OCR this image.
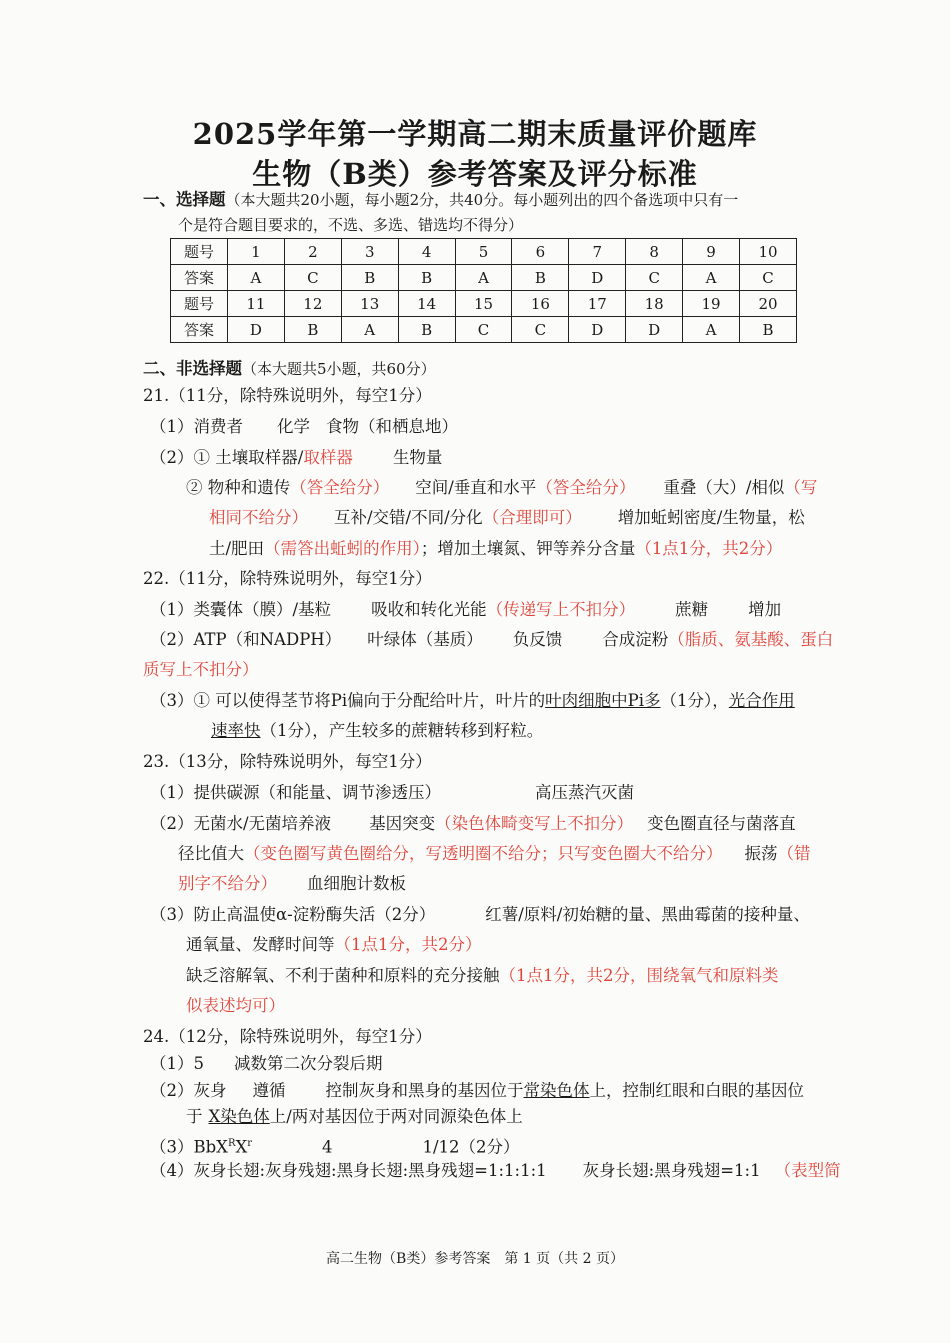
2025学年第一学期高二期末质量评价题库
生物（B类）参考答案及评分标准
一、选择题（本大题共20小题，每小题2分，共40分。每小题列出的四个备选项中只有一
个是符合题目要求的，不选、多选、错选均不得分）
题号	1	2	3	4	5	6	7	8	9	10
答案	A	C	B	B	A	B	D	C	A	C
题号	11	12	13	14	15	16	17	18	19	20
答案	D	B	A	B	C	C	D	D	A	B
二、非选择题（本大题共5小题，共60分）
21.（11分，除特殊说明外，每空1分）
（1）消费者 化学 食物（和栖息地）
（2）① 土壤取样器/取样器 生物量
② 物种和遗传（答全给分） 空间/垂直和水平（答全给分） 重叠（大）/相似（写
相同不给分） 互补/交错/不同/分化（合理即可） 增加蚯蚓密度/生物量，松
土/肥田（需答出蚯蚓的作用）；增加土壤氮、钾等养分含量（1点1分，共2分）
22.（11分，除特殊说明外，每空1分）
（1）类囊体（膜）/基粒 吸收和转化光能（传递写上不扣分） 蔗糖 增加
（2）ATP（和NADPH） 叶绿体（基质） 负反馈 合成淀粉（脂质、氨基酸、蛋白
质写上不扣分）
（3）① 可以使得茎节将Pi偏向于分配给叶片，叶片的叶肉细胞中Pi多（1分），光合作用
速率快（1分），产生较多的蔗糖转移到籽粒。
23.（13分，除特殊说明外，每空1分）
（1）提供碳源（和能量、调节渗透压）	高压蒸汽灭菌
（2）无菌水/无菌培养液 基因突变（染色体畸变写上不扣分） 变色圈直径与菌落直
径比值大（变色圈写黄色圈给分，写透明圈不给分；只写变色圈大不给分） 振荡（错
别字不给分） 血细胞计数板
（3）防止高温使α-淀粉酶失活（2分）	红薯/原料/初始糖的量、黑曲霉菌的接种量、
通氧量、发酵时间等（1点1分，共2分）
缺乏溶解氧、不利于菌种和原料的充分接触（1点1分，共2分，围绕氧气和原料类
似表述均可）
24.（12分，除特殊说明外，每空1分）
（1）5 减数第二次分裂后期
（2）灰身 遵循 控制灰身和黑身的基因位于常染色体上，控制红眼和白眼的基因位
于 X染色体上/两对基因位于两对同源染色体上
$(3)BbX^RX^r$	4	1/12（2分）
（4）灰身长翅:灰身残翅:黑身长翅:黑身残翅=1:1:1:1 灰身长翅:黑身残翅=1:1 （表型简
高二生物（B类）参考答案　第 1 页（共 2 页）
